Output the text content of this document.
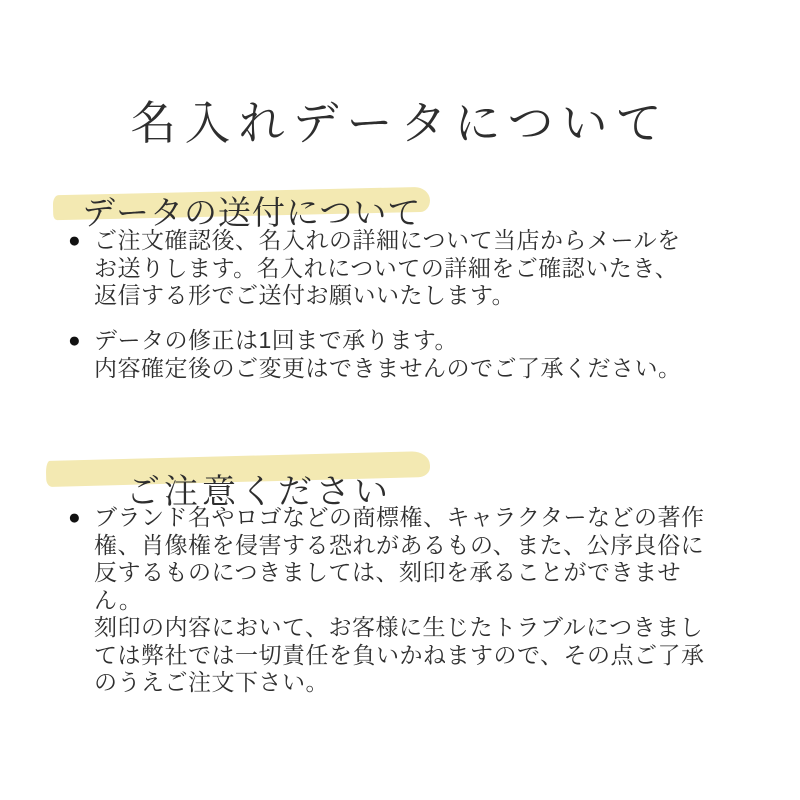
名入れデータについて
データの送付について
● ご注文確認後、名入れの詳細について当店からメールを
お送りします。名入れについての詳細をご確認いたき、
返信する形でご送付お願いいたします。
● データの修正は1回まで承ります。
内容確定後のご変更はできませんのでご了承ください。
ご注意ください
● ブランド名やロゴなどの商標権、キャラクターなどの著作
権、肖像権を侵害する恐れがあるもの、また、公序良俗に
反するものにつきましては、刻印を承ることができませ
ん。
刻印の内容において、お客様に生じたトラブルにつきまし
ては弊社では一切責任を負いかねますので、その点ご了承
のうえご注文下さい。
